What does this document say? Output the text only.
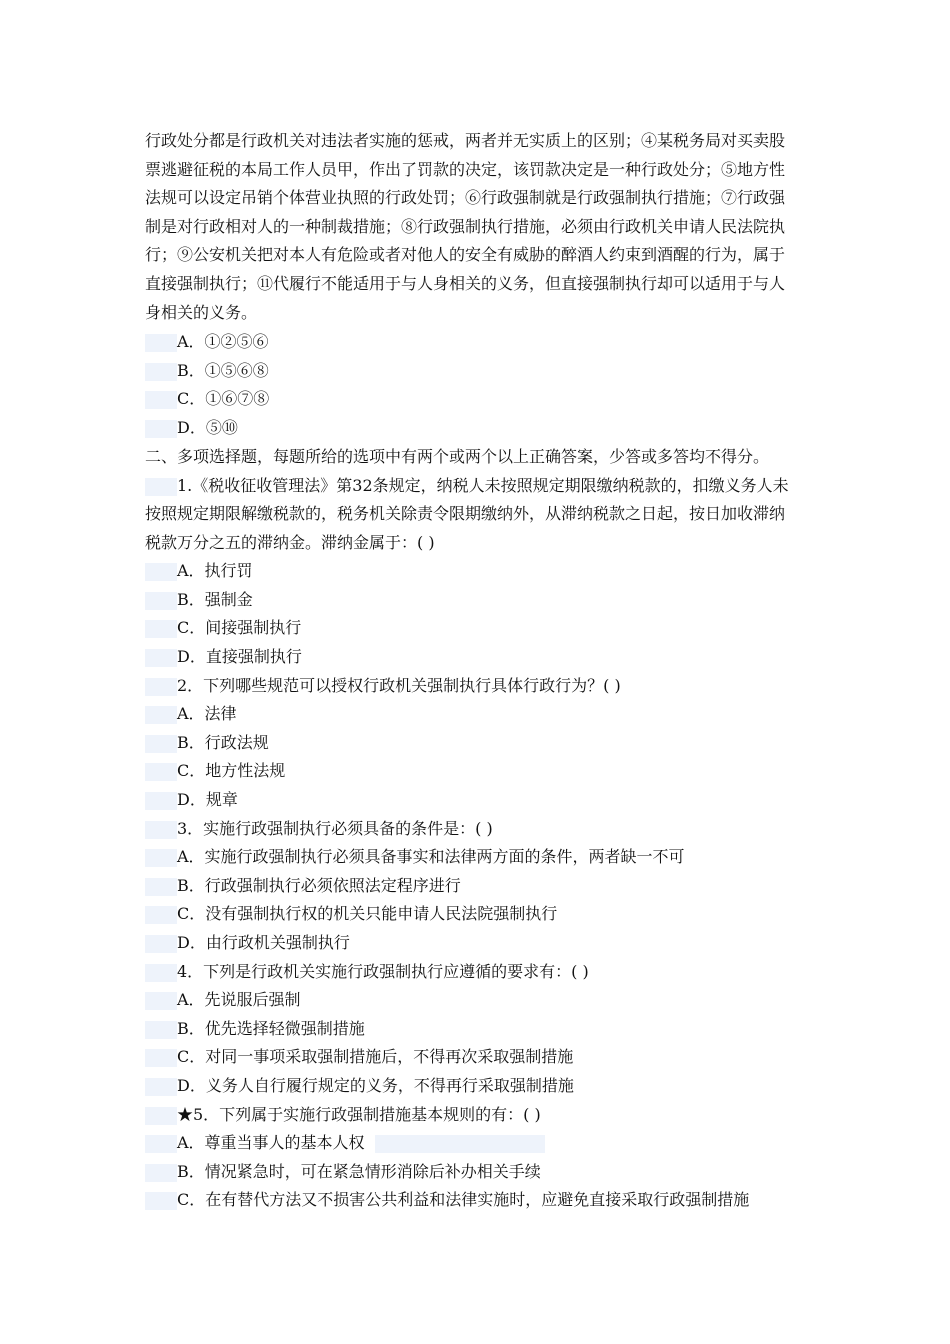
行政处分都是行政机关对违法者实施的惩戒，两者并无实质上的区别；④某税务局对买卖股
票逃避征税的本局工作人员甲，作出了罚款的决定，该罚款决定是一种行政处分；⑤地方性
法规可以设定吊销个体营业执照的行政处罚；⑥行政强制就是行政强制执行措施；⑦行政强
制是对行政相对人的一种制裁措施；⑧行政强制执行措施，必须由行政机关申请人民法院执
行；⑨公安机关把对本人有危险或者对他人的安全有威胁的醉酒人约束到酒醒的行为，属于
直接强制执行；⑪代履行不能适用于与人身相关的义务，但直接强制执行却可以适用于与人
身相关的义务。
A．①②⑤⑥
B．①⑤⑥⑧
C．①⑥⑦⑧
D．⑤⑩
二、多项选择题，每题所给的选项中有两个或两个以上正确答案，少答或多答均不得分。
1.《税收征收管理法》第32条规定，纳税人未按照规定期限缴纳税款的，扣缴义务人未
按照规定期限解缴税款的，税务机关除责令限期缴纳外，从滞纳税款之日起，按日加收滞纳
税款万分之五的滞纳金。滞纳金属于：( )
A．执行罚
B．强制金
C．间接强制执行
D．直接强制执行
2．下列哪些规范可以授权行政机关强制执行具体行政行为？( )
A．法律
B．行政法规
C．地方性法规
D．规章
3．实施行政强制执行必须具备的条件是：( )
A．实施行政强制执行必须具备事实和法律两方面的条件，两者缺一不可
B．行政强制执行必须依照法定程序进行
C．没有强制执行权的机关只能申请人民法院强制执行
D．由行政机关强制执行
4．下列是行政机关实施行政强制执行应遵循的要求有：( )
A．先说服后强制
B．优先选择轻微强制措施
C．对同一事项采取强制措施后，不得再次采取强制措施
D．义务人自行履行规定的义务，不得再行采取强制措施
★5．下列属于实施行政强制措施基本规则的有：( )
A．尊重当事人的基本人权
B．情况紧急时，可在紧急情形消除后补办相关手续
C．在有替代方法又不损害公共利益和法律实施时，应避免直接采取行政强制措施
